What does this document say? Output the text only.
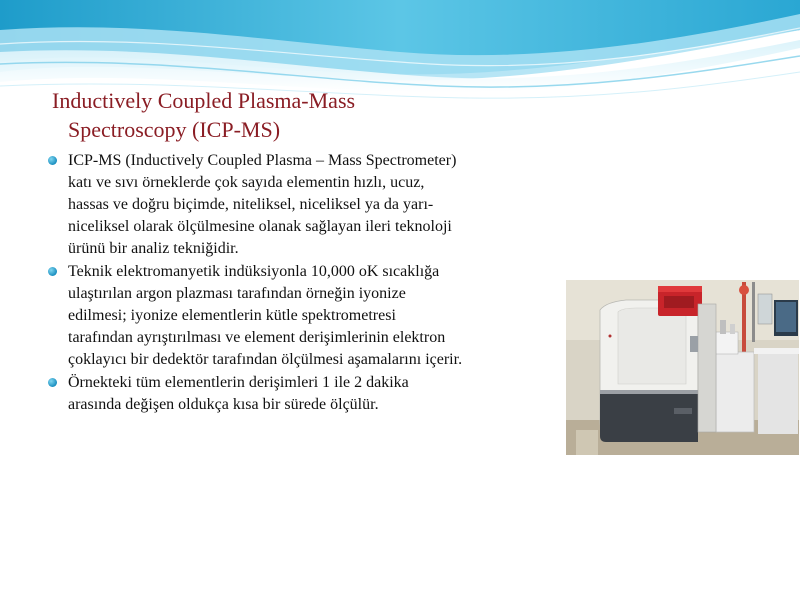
Inductively Coupled Plasma-Mass
Spectroscopy (ICP-MS)
ICP-MS (Inductively Coupled Plasma – Mass Spectrometer)
katı ve sıvı örneklerde çok sayıda elementin hızlı, ucuz,
hassas ve doğru biçimde, niteliksel, niceliksel ya da yarı-
niceliksel olarak ölçülmesine olanak sağlayan ileri teknoloji
ürünü bir analiz tekniğidir.
Teknik elektromanyetik indüksiyonla 10,000 oK sıcaklığa
ulaştırılan argon plazması tarafından örneğin iyonize
edilmesi; iyonize elementlerin kütle spektrometresi
tarafından ayrıştırılması ve element derişimlerinin elektron
çoklayıcı bir dedektör tarafından ölçülmesi aşamalarını içerir.
Örnekteki tüm elementlerin derişimleri 1 ile 2 dakika
arasında değişen oldukça kısa bir sürede ölçülür.
